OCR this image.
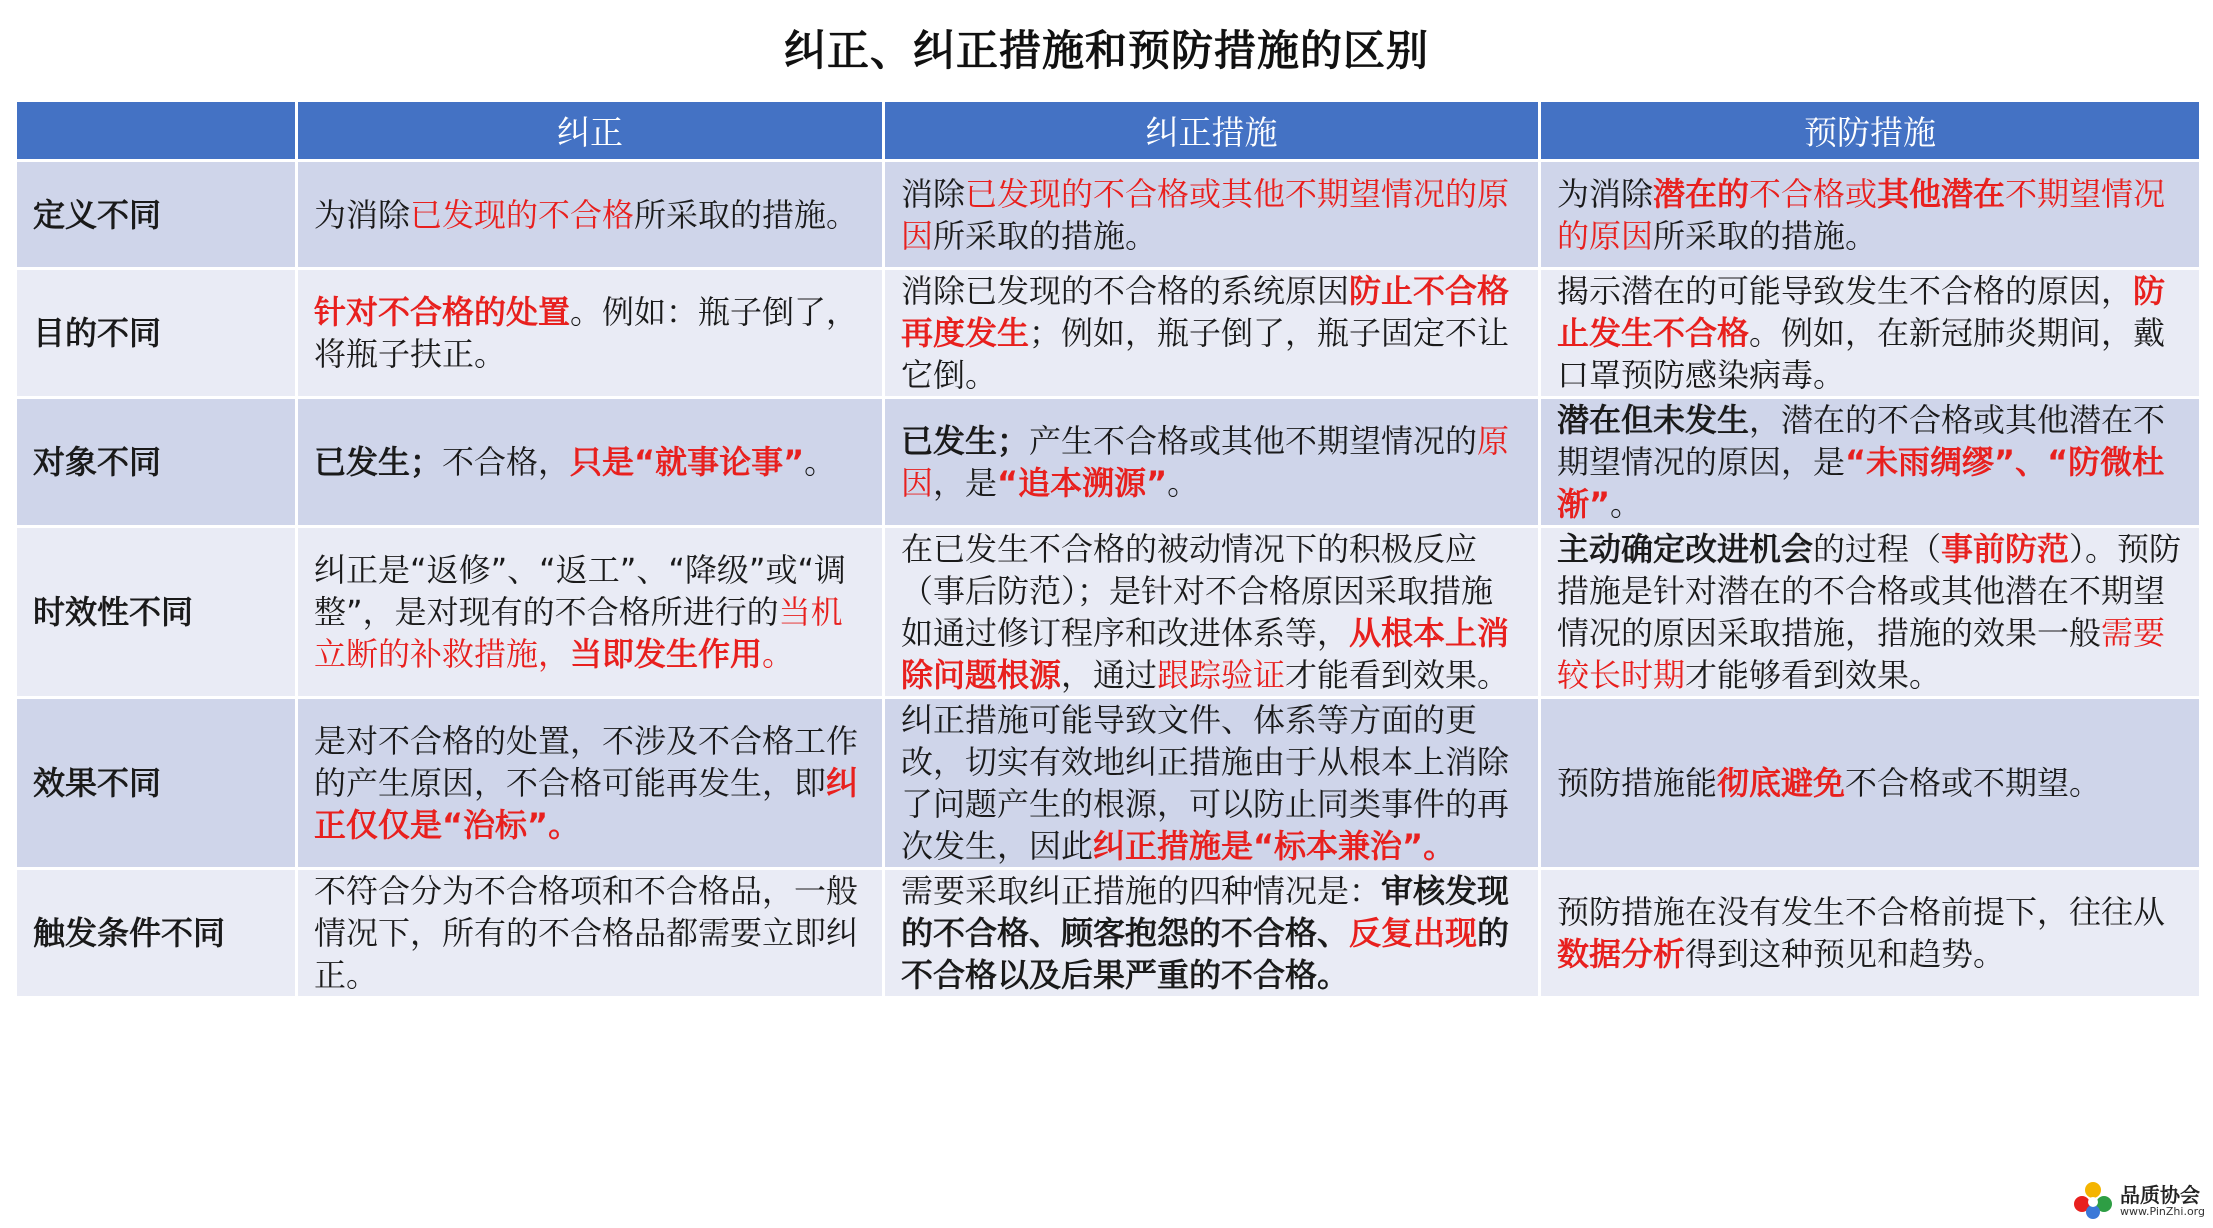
纠正、纠正措施和预防措施的区别
	纠正	纠正措施	预防措施
定义不同	为消除已发现的不合格所采取的措施。	消除已发现的不合格或其他不期望情况的原因所采取的措施。	为消除潜在的不合格或其他潜在不期望情况的原因所采取的措施。
目的不同	针对不合格的处置。例如：瓶子倒了，将瓶子扶正。	消除已发现的不合格的系统原因防止不合格再度发生；例如，瓶子倒了，瓶子固定不让它倒。	揭示潜在的可能导致发生不合格的原因，防止发生不合格。例如，在新冠肺炎期间，戴口罩预防感染病毒。
对象不同	已发生；不合格，只是“就事论事”。	已发生；产生不合格或其他不期望情况的原因，是“追本溯源”。	潜在但未发生，潜在的不合格或其他潜在不期望情况的原因，是“未雨绸缪”、“防微杜渐”。
时效性不同	纠正是“返修”、“返工”、“降级”或“调整”，是对现有的不合格所进行的当机立断的补救措施，当即发生作用。	在已发生不合格的被动情况下的积极反应（事后防范）；是针对不合格原因采取措施如通过修订程序和改进体系等，从根本上消除问题根源，通过跟踪验证才能看到效果。	主动确定改进机会的过程（事前防范）。预防措施是针对潜在的不合格或其他潜在不期望情况的原因采取措施，措施的效果一般需要较长时期才能够看到效果。
效果不同	是对不合格的处置，不涉及不合格工作的产生原因，不合格可能再发生，即纠正仅仅是“治标”。	纠正措施可能导致文件、体系等方面的更改，切实有效地纠正措施由于从根本上消除了问题产生的根源，可以防止同类事件的再次发生，因此纠正措施是“标本兼治”。	预防措施能彻底避免不合格或不期望。
触发条件不同	不符合分为不合格项和不合格品，一般情况下，所有的不合格品都需要立即纠正。	需要采取纠正措施的四种情况是：审核发现的不合格、顾客抱怨的不合格、反复出现的不合格以及后果严重的不合格。	预防措施在没有发生不合格前提下，往往从数据分析得到这种预见和趋势。
品质协会
www.PinZhi.org
